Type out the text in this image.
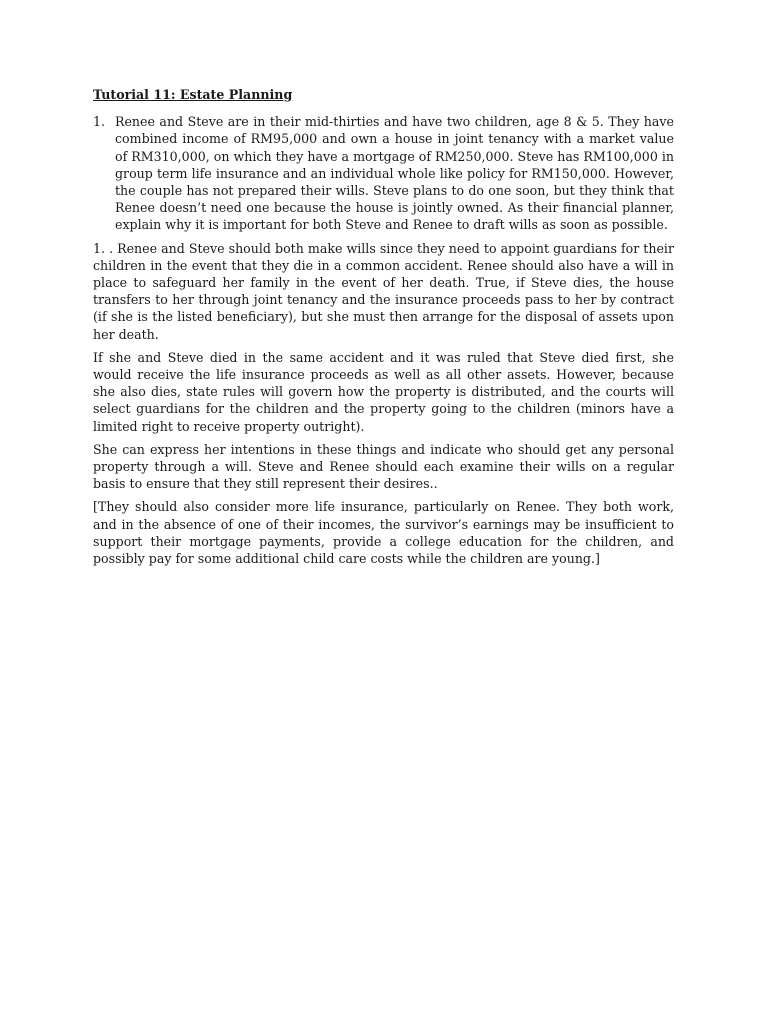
Tutorial 11: Estate Planning
1. Renee and Steve are in their mid-thirties and have two children, age 8 & 5. They have combined income of RM95,000 and own a house in joint tenancy with a market value of RM310,000, on which they have a mortgage of RM250,000. Steve has RM100,000 in group term life insurance and an individual whole like policy for RM150,000. However, the couple has not prepared their wills. Steve plans to do one soon, but they think that Renee doesn’t need one because the house is jointly owned. As their financial planner, explain why it is important for both Steve and Renee to draft wills as soon as possible.

1. . Renee and Steve should both make wills since they need to appoint guardians for their children in the event that they die in a common accident. Renee should also have a will in place to safeguard her family in the event of her death. True, if Steve dies, the house transfers to her through joint tenancy and the insurance proceeds pass to her by contract (if she is the listed beneficiary), but she must then arrange for the disposal of assets upon her death.

If she and Steve died in the same accident and it was ruled that Steve died first, she would receive the life insurance proceeds as well as all other assets. However, because she also dies, state rules will govern how the property is distributed, and the courts will select guardians for the children and the property going to the children (minors have a limited right to receive property outright).

She can express her intentions in these things and indicate who should get any personal property through a will. Steve and Renee should each examine their wills on a regular basis to ensure that they still represent their desires..

[They should also consider more life insurance, particularly on Renee. They both work, and in the absence of one of their incomes, the survivor’s earnings may be insufficient to support their mortgage payments, provide a college education for the children, and possibly pay for some additional child care costs while the children are young.]
